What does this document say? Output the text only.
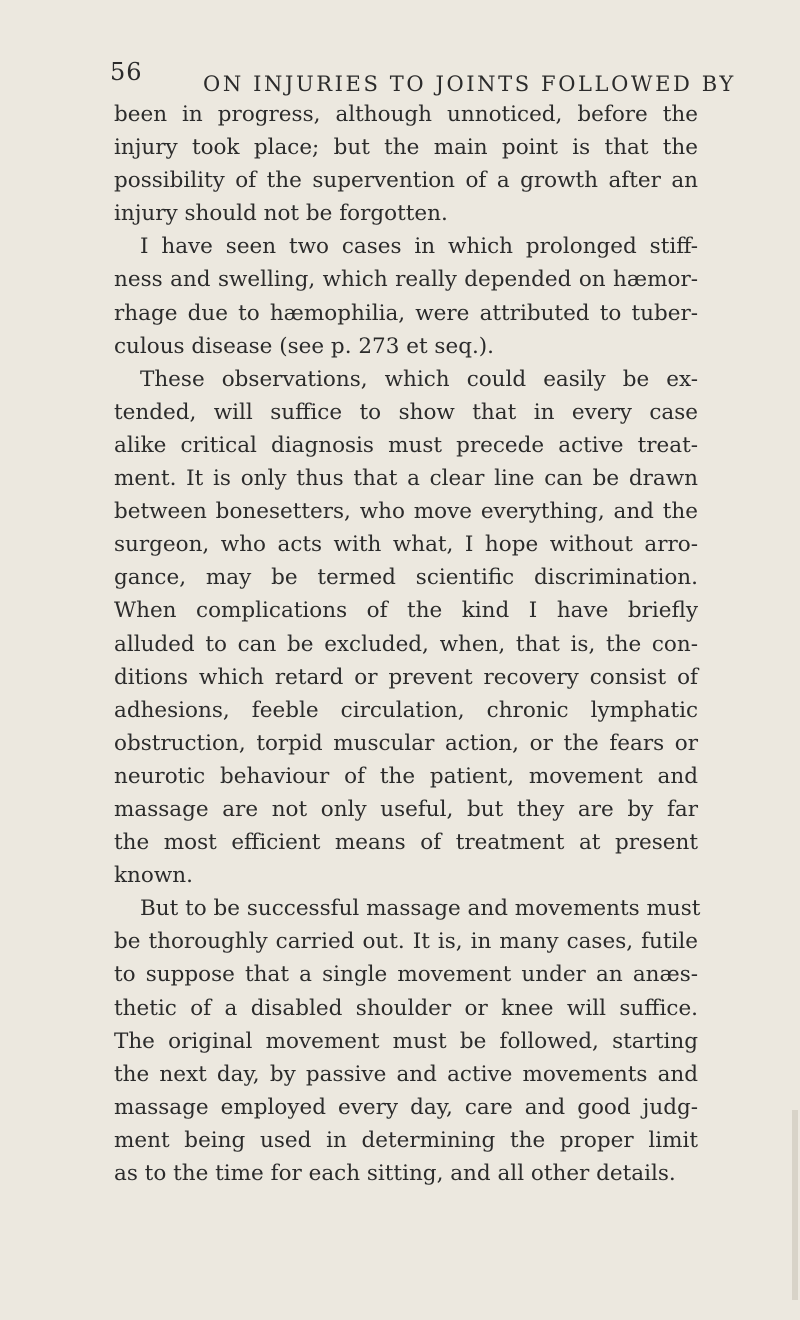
56	ON INJURIES TO JOINTS FOLLOWED BY
been in progress, although unnoticed, before the
injury took place; but the main point is that the
possibility of the supervention of a growth after an
injury should not be forgotten.
I have seen two cases in which prolonged stiff-
ness and swelling, which really depended on hæmor-
rhage due to hæmophilia, were attributed to tuber-
culous disease (see p. 273 et seq.).
These observations, which could easily be ex-
tended, will suffice to show that in every case
alike critical diagnosis must precede active treat-
ment. It is only thus that a clear line can be drawn
between bonesetters, who move everything, and the
surgeon, who acts with what, I hope without arro-
gance, may be termed scientific discrimination.
When complications of the kind I have briefly
alluded to can be excluded, when, that is, the con-
ditions which retard or prevent recovery consist of
adhesions, feeble circulation, chronic lymphatic
obstruction, torpid muscular action, or the fears or
neurotic behaviour of the patient, movement and
massage are not only useful, but they are by far
the most efficient means of treatment at present
known.
But to be successful massage and movements must
be thoroughly carried out. It is, in many cases, futile
to suppose that a single movement under an anæs-
thetic of a disabled shoulder or knee will suffice.
The original movement must be followed, starting
the next day, by passive and active movements and
massage employed every day, care and good judg-
ment being used in determining the proper limit
as to the time for each sitting, and all other details.
